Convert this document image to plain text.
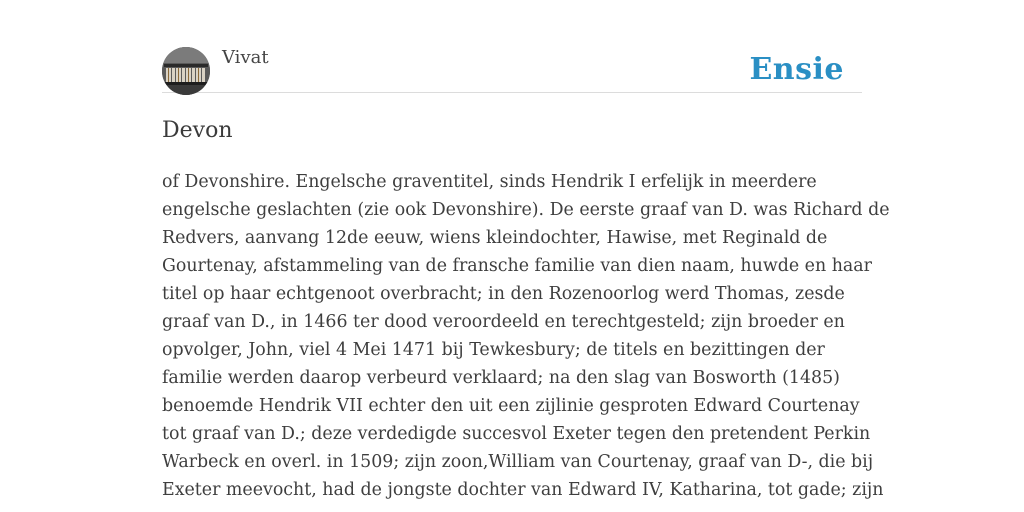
Vivat	Ensie
Devon
of Devonshire. Engelsche graventitel, sinds Hendrik I erfelijk in meerdere
engelsche geslachten (zie ook Devonshire). De eerste graaf van D. was Richard de
Redvers, aanvang 12de eeuw, wiens kleindochter, Hawise, met Reginald de
Gourtenay, afstammeling van de fransche familie van dien naam, huwde en haar
titel op haar echtgenoot overbracht; in den Rozenoorlog werd Thomas, zesde
graaf van D., in 1466 ter dood veroordeeld en terechtgesteld; zijn broeder en
opvolger, John, viel 4 Mei 1471 bij Tewkesbury; de titels en bezittingen der
familie werden daarop verbeurd verklaard; na den slag van Bosworth (1485)
benoemde Hendrik VII echter den uit een zijlinie gesproten Edward Courtenay
tot graaf van D.; deze verdedigde succesvol Exeter tegen den pretendent Perkin
Warbeck en overl. in 1509; zijn zoon,William van Courtenay, graaf van D-, die bij
Exeter meevocht, had de jongste dochter van Edward IV, Katharina, tot gade; zijn
